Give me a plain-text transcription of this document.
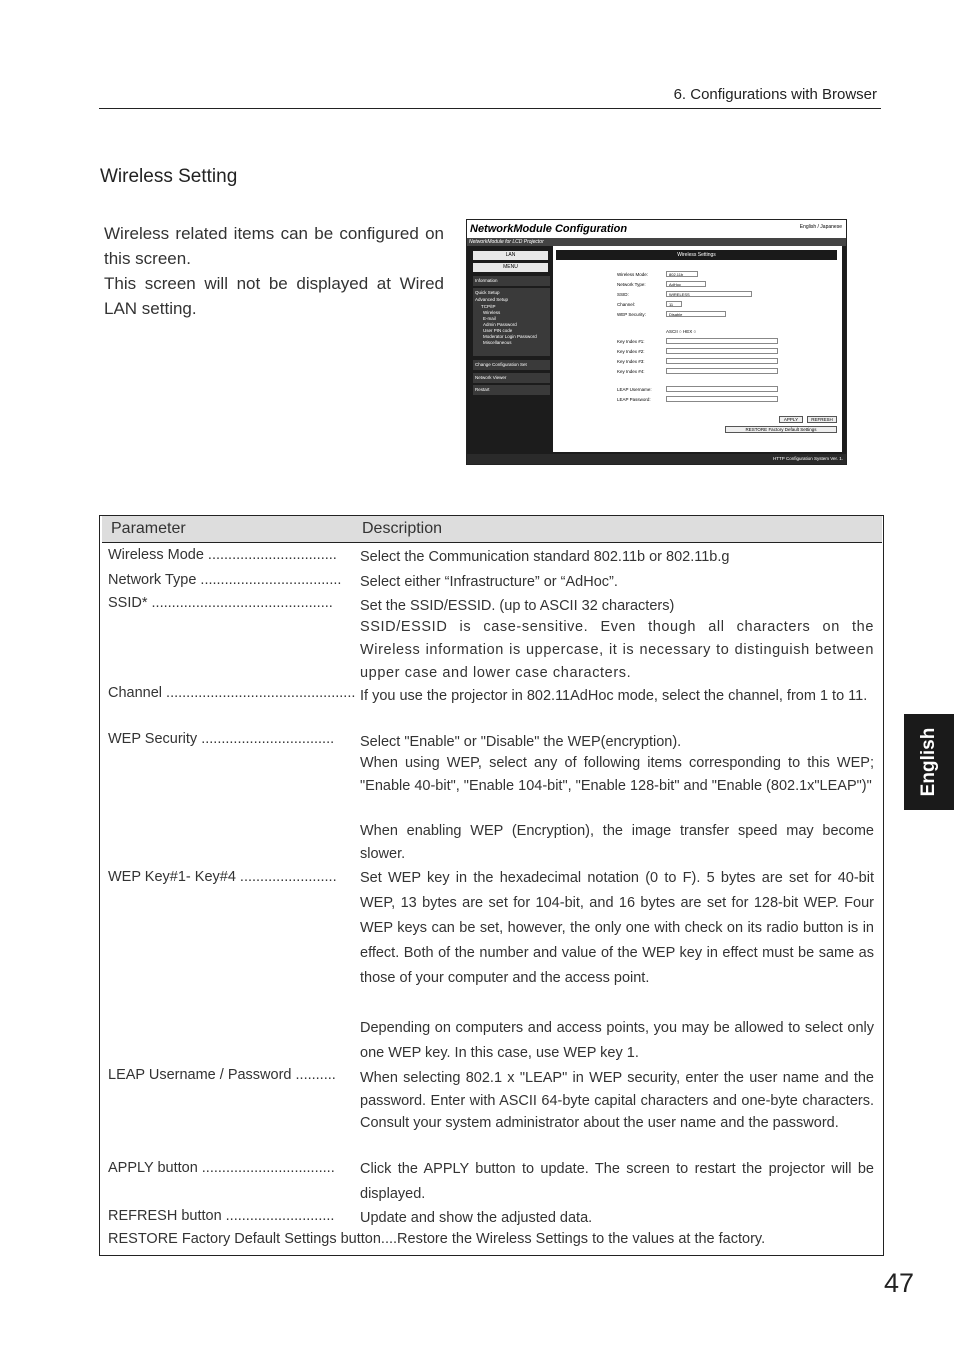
6. Configurations with Browser
Wireless Setting

Wireless related items can be configured on this screen.

This screen will not be displayed at Wired LAN setting.

NetworkModule Configuration	English / Japanese
NetworkModule for LCD Projector
LAN
MENU
Information
Quick Setup
Advanced Setup
TCP/IP
Wireless
E-mail
Admin Password
User PIN code
Moderator Login Password
Miscellaneous
Change Configuration Set
Network Viewer
Restart
Wireless Settings
Wireless Mode:	802.11b
Network Type:	AdHoc
SSID:	WIRELESS
Channel:	11
WEP Security:	Disable
ASCII ○ HEX ○
Key Index #1:
Key Index #2:
Key Index #3:
Key Index #4:
LEAP Username:
LEAP Password:
APPLY	REFRESH
RESTORE Factory Default Settings
HTTP Configuration System Ver. 1.
Parameter	Description
Wireless Mode ................................	Select the Communication standard 802.11b or 802.11b.g
Network Type ...................................	Select either “Infrastructure” or “AdHoc”.
SSID* .............................................	Set the SSID/ESSID. (up to ASCII 32 characters)
SSID/ESSID is case-sensitive. Even though all characters on the Wireless information is uppercase, it is necessary to distinguish between upper case and lower case characters.
Channel ............................................... If you use the projector in 802.11AdHoc mode, select the channel, from 1 to 11.
WEP Security .................................	Select "Enable" or "Disable" the WEP(encryption).
When using WEP, select any of following items corresponding to this WEP; "Enable 40-bit", "Enable 104-bit", "Enable 128-bit" and "Enable (802.1x"LEAP")"
When enabling WEP (Encryption), the image transfer speed may become slower.
WEP Key#1- Key#4 ........................	Set WEP key in the hexadecimal notation (0 to F). 5 bytes are set for 40-bit WEP, 13 bytes are set for 104-bit, and 16 bytes are set for 128-bit WEP. Four WEP keys can be set, however, the only one with check on its radio button is in effect. Both of the number and value of the WEP key in effect must be same as those of your computer and the access point.
Depending on computers and access points, you may be allowed to select only one WEP key. In this case, use WEP key 1.
LEAP Username / Password ..........	When selecting 802.1 x "LEAP" in WEP security, enter the user name and the password. Enter with ASCII 64-byte capital characters and one-byte characters. Consult your system administrator about the user name and the password.
APPLY button .................................	Click the APPLY button to update. The screen to restart the projector will be displayed.
REFRESH button ...........................	Update and show the adjusted data.
RESTORE Factory Default Settings button....Restore the Wireless Settings to the values at the factory.
English
47
